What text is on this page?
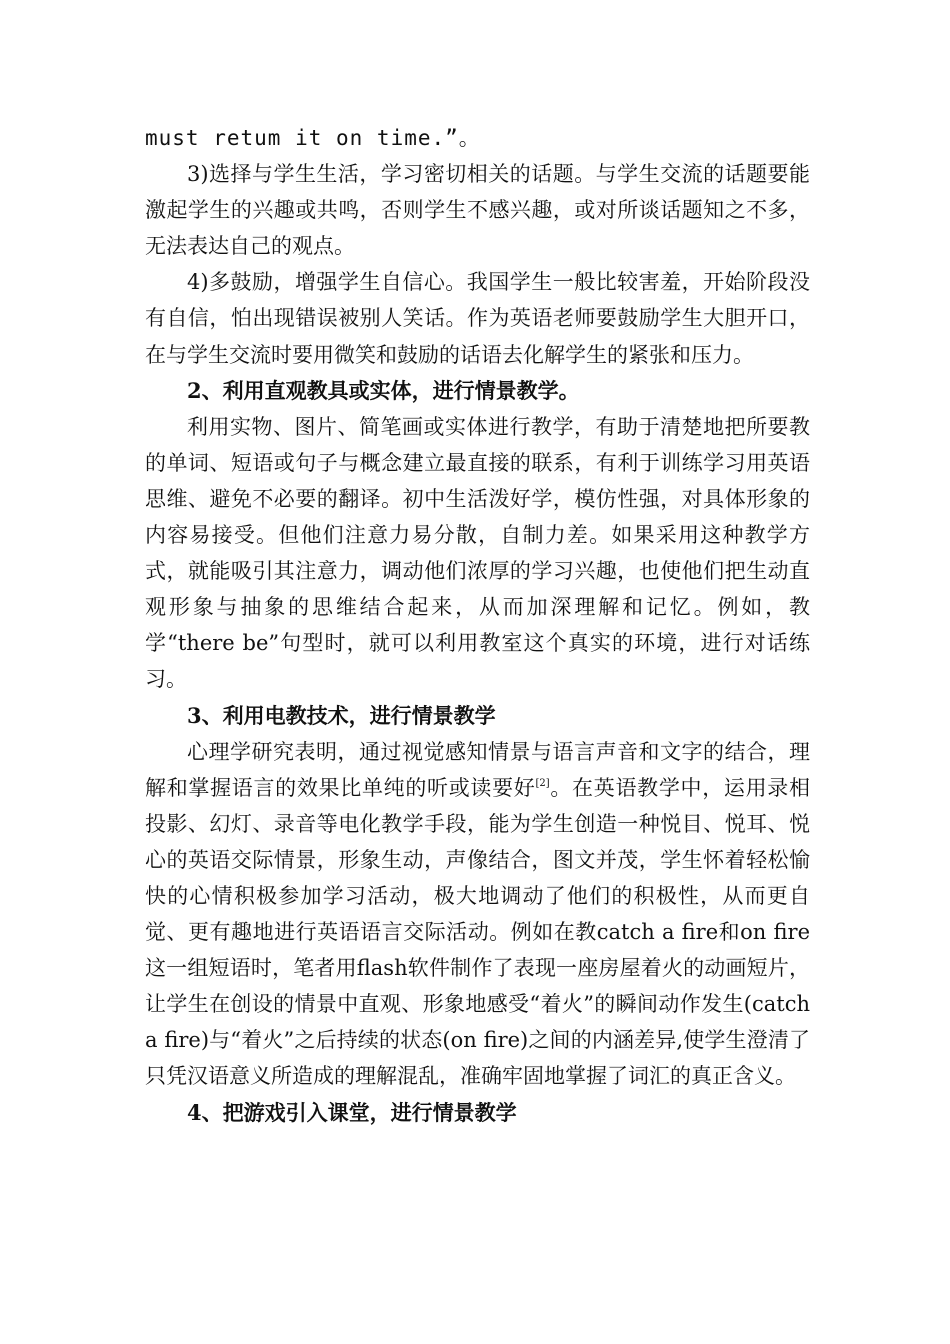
must retum it on time.”。

3)选择与学生生活，学习密切相关的话题。与学生交流的话题要能激起学生的兴趣或共鸣，否则学生不感兴趣，或对所谈话题知之不多，无法表达自己的观点。

4)多鼓励，增强学生自信心。我国学生一般比较害羞，开始阶段没有自信，怕出现错误被别人笑话。作为英语老师要鼓励学生大胆开口，在与学生交流时要用微笑和鼓励的话语去化解学生的紧张和压力。

2、利用直观教具或实体，进行情景教学。

利用实物、图片、简笔画或实体进行教学，有助于清楚地把所要教的单词、短语或句子与概念建立最直接的联系，有利于训练学习用英语思维、避免不必要的翻译。初中生活泼好学，模仿性强，对具体形象的内容易接受。但他们注意力易分散，自制力差。如果采用这种教学方式，就能吸引其注意力，调动他们浓厚的学习兴趣，也使他们把生动直观形象与抽象的思维结合起来，从而加深理解和记忆。例如，教学“there be”句型时，就可以利用教室这个真实的环境，进行对话练习。

3、利用电教技术，进行情景教学

心理学研究表明，通过视觉感知情景与语言声音和文字的结合，理解和掌握语言的效果比单纯的听或读要好[2]。在英语教学中，运用录相投影、幻灯、录音等电化教学手段，能为学生创造一种悦目、悦耳、悦心的英语交际情景，形象生动，声像结合，图文并茂，学生怀着轻松愉快的心情积极参加学习活动，极大地调动了他们的积极性，从而更自觉、更有趣地进行英语语言交际活动。例如在教catch a fire和on fire这一组短语时，笔者用flash软件制作了表现一座房屋着火的动画短片，让学生在创设的情景中直观、形象地感受“着火”的瞬间动作发生(catch a fire)与“着火”之后持续的状态(on fire)之间的内涵差异,使学生澄清了只凭汉语意义所造成的理解混乱，准确牢固地掌握了词汇的真正含义。

4、把游戏引入课堂，进行情景教学
